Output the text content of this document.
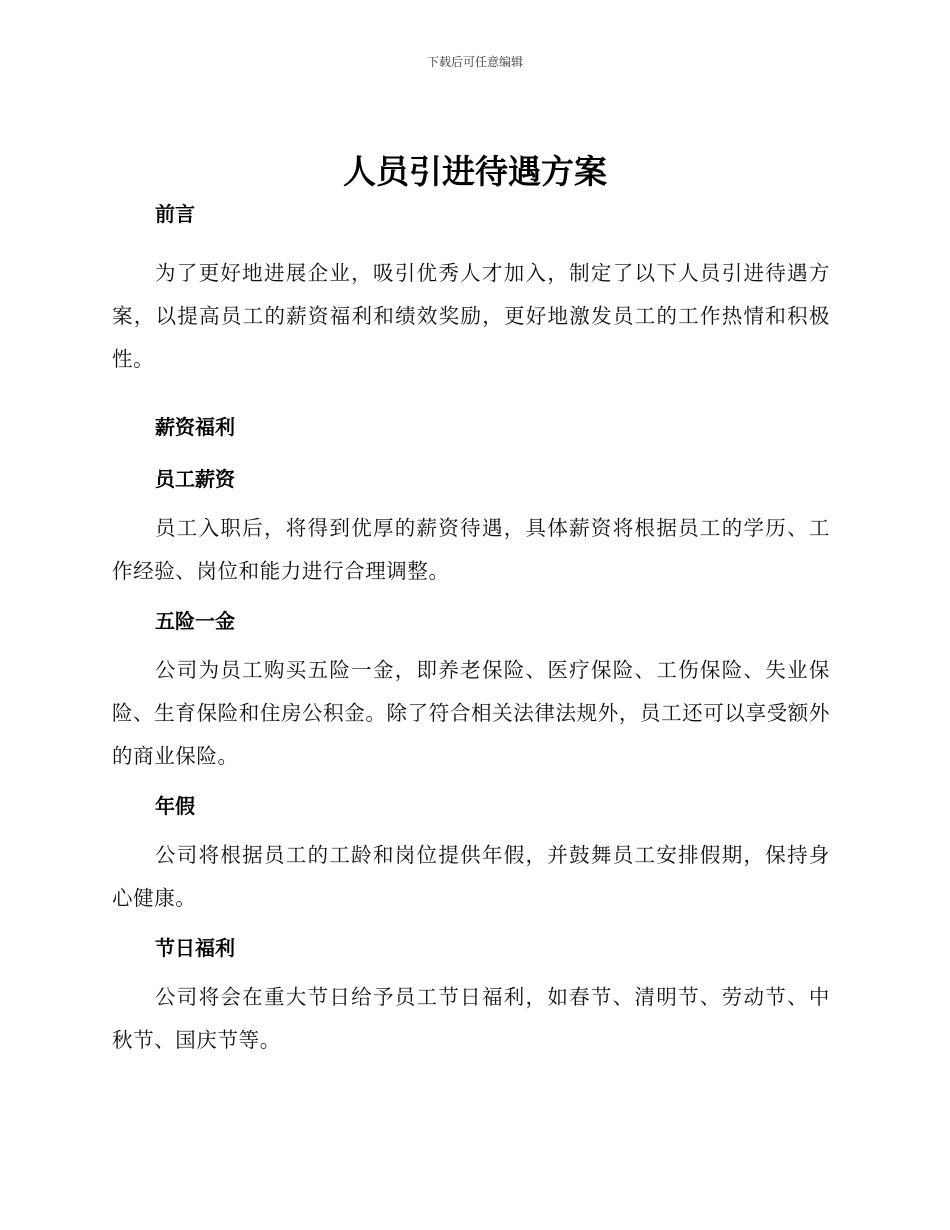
下载后可任意编辑
人员引进待遇方案
前言

为了更好地进展企业，吸引优秀人才加入，制定了以下人员引进待遇方案，以提高员工的薪资福利和绩效奖励，更好地激发员工的工作热情和积极性。

薪资福利
员工薪资

员工入职后，将得到优厚的薪资待遇，具体薪资将根据员工的学历、工作经验、岗位和能力进行合理调整。

五险一金

公司为员工购买五险一金，即养老保险、医疗保险、工伤保险、失业保险、生育保险和住房公积金。除了符合相关法律法规外，员工还可以享受额外的商业保险。

年假

公司将根据员工的工龄和岗位提供年假，并鼓舞员工安排假期，保持身心健康。

节日福利

公司将会在重大节日给予员工节日福利，如春节、清明节、劳动节、中秋节、国庆节等。
